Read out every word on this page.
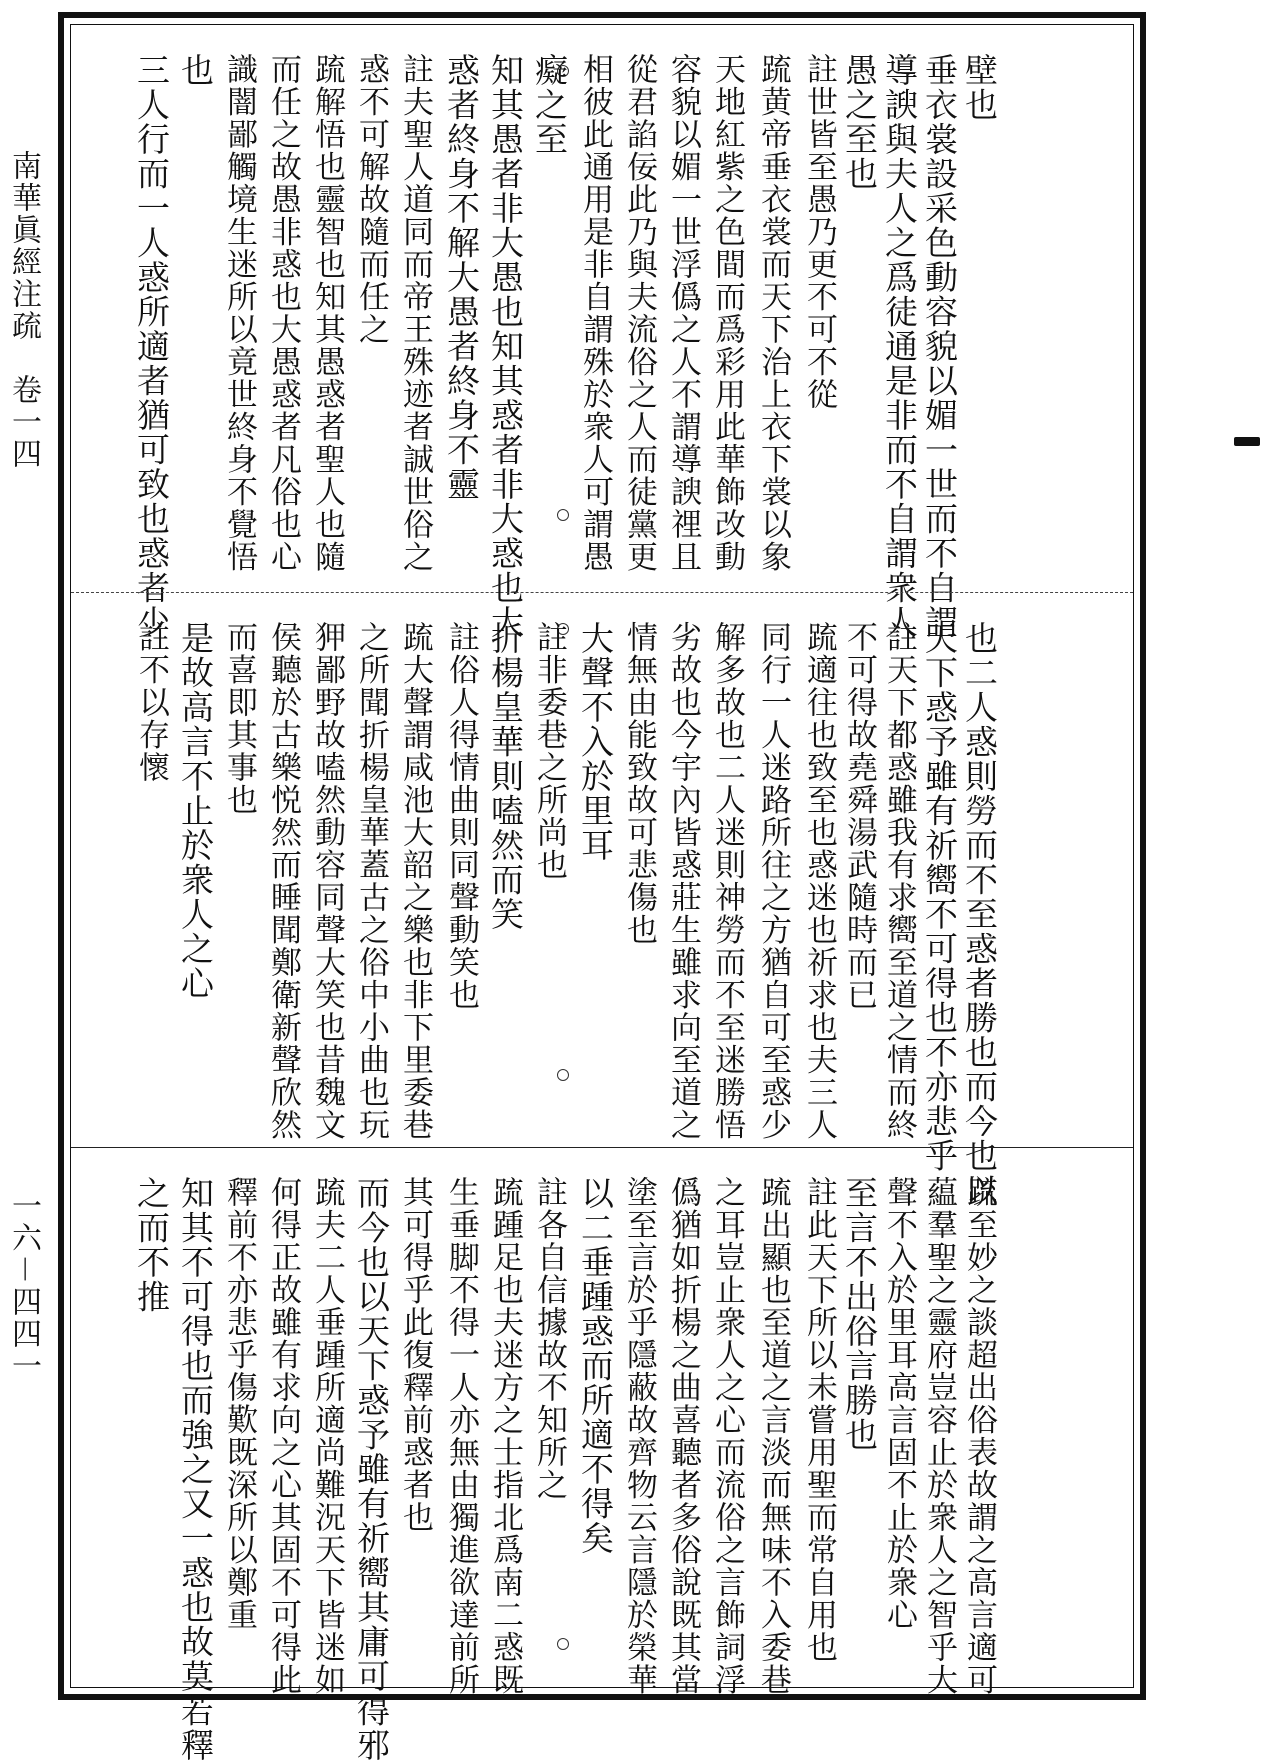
南華眞經注疏　卷一四
一六－四四一
壁也
垂衣裳設采色動容貌以媚一世而不自謂
導諛與夫人之爲徒通是非而不自謂衆人
愚之至也
註世皆至愚乃更不可不從
䟽黄帝垂衣裳而天下治上衣下裳以象
天地紅紫之色間而爲彩用此華飾改動
容貌以媚一世浮僞之人不謂導諛𥚃且
從君諂佞此乃與夫流俗之人而徒黨更
相彼此通用是非自謂殊於衆人可謂愚
癡之至
知其愚者非大愚也知其惑者非大惑也大
惑者終身不解大愚者終身不靈
註夫聖人道同而帝王殊迹者誠世俗之
惑不可解故隨而任之
䟽解悟也靈智也知其愚惑者聖人也隨
而任之故愚非惑也大愚惑者凡俗也心
識闇鄙觸境生迷所以竟世終身不覺悟
也
三人行而一人惑所適者猶可致也惑者少
也二人惑則勞而不至惑者勝也而今也以
天下惑予雖有祈嚮不可得也不亦悲乎
註天下都惑雖我有求嚮至道之情而終
不可得故堯舜湯武隨時而已
䟽適往也致至也惑迷也祈求也夫三人
同行一人迷路所往之方猶自可至惑少
解多故也二人迷則神勞而不至迷勝悟
劣故也今宇內皆惑莊生雖求向至道之
情無由能致故可悲傷也
大聲不入於里耳
註非委巷之所尚也
折楊皇華則嗑然而笑
註俗人得情曲則同聲動笑也
䟽大聲謂咸池大韶之樂也非下里委巷
之所聞折楊皇華蓋古之俗中小曲也玩
狎鄙野故嗑然動容同聲大笑也昔魏文
侯聽於古樂悦然而睡聞鄭衛新聲欣然
而喜即其事也
是故高言不止於衆人之心
註不以存懷
䟽至妙之談超出俗表故謂之高言適可
藴羣聖之靈府豈容止於衆人之智乎大
聲不入於里耳高言固不止於衆心
至言不出俗言勝也
註此天下所以未嘗用聖而常自用也
䟽出顯也至道之言淡而無味不入委巷
之耳豈止衆人之心而流俗之言飾詞浮
僞猶如折楊之曲喜聽者多俗說既其當
塗至言於乎隱蔽故齊物云言隱於榮華
以二垂踵惑而所適不得矣
註各自信據故不知所之
䟽踵足也夫迷方之士指北爲南二惑既
生垂脚不得一人亦無由獨進欲達前所
其可得乎此復釋前惑者也
而今也以天下惑予雖有祈嚮其庸可得邪
䟽夫二人垂踵所適尚難況天下皆迷如
何得正故雖有求向之心其固不可得此
釋前不亦悲乎傷歎既深所以鄭重
知其不可得也而強之又一惑也故莫若釋
之而不推
